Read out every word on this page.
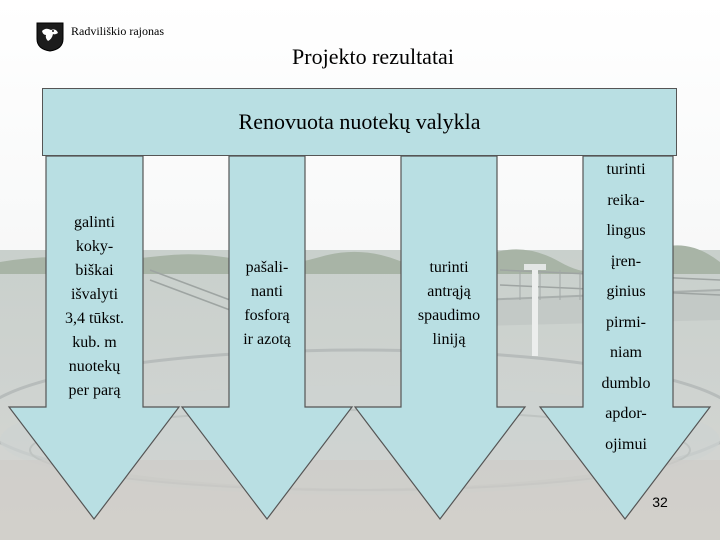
Radviliškio rajonas
Projekto rezultatai
Renovuota nuotekų valykla
galinti
koky-
biškai
išvalyti
3,4 tūkst.
kub. m
nuotekų
per parą
pašali-
nanti
fosforą
ir azotą
turinti
antrąją
spaudimo
liniją
turinti
reika-
lingus
įren-
ginius
pirmi-
niam
dumblo
apdor-
ojimui
32
